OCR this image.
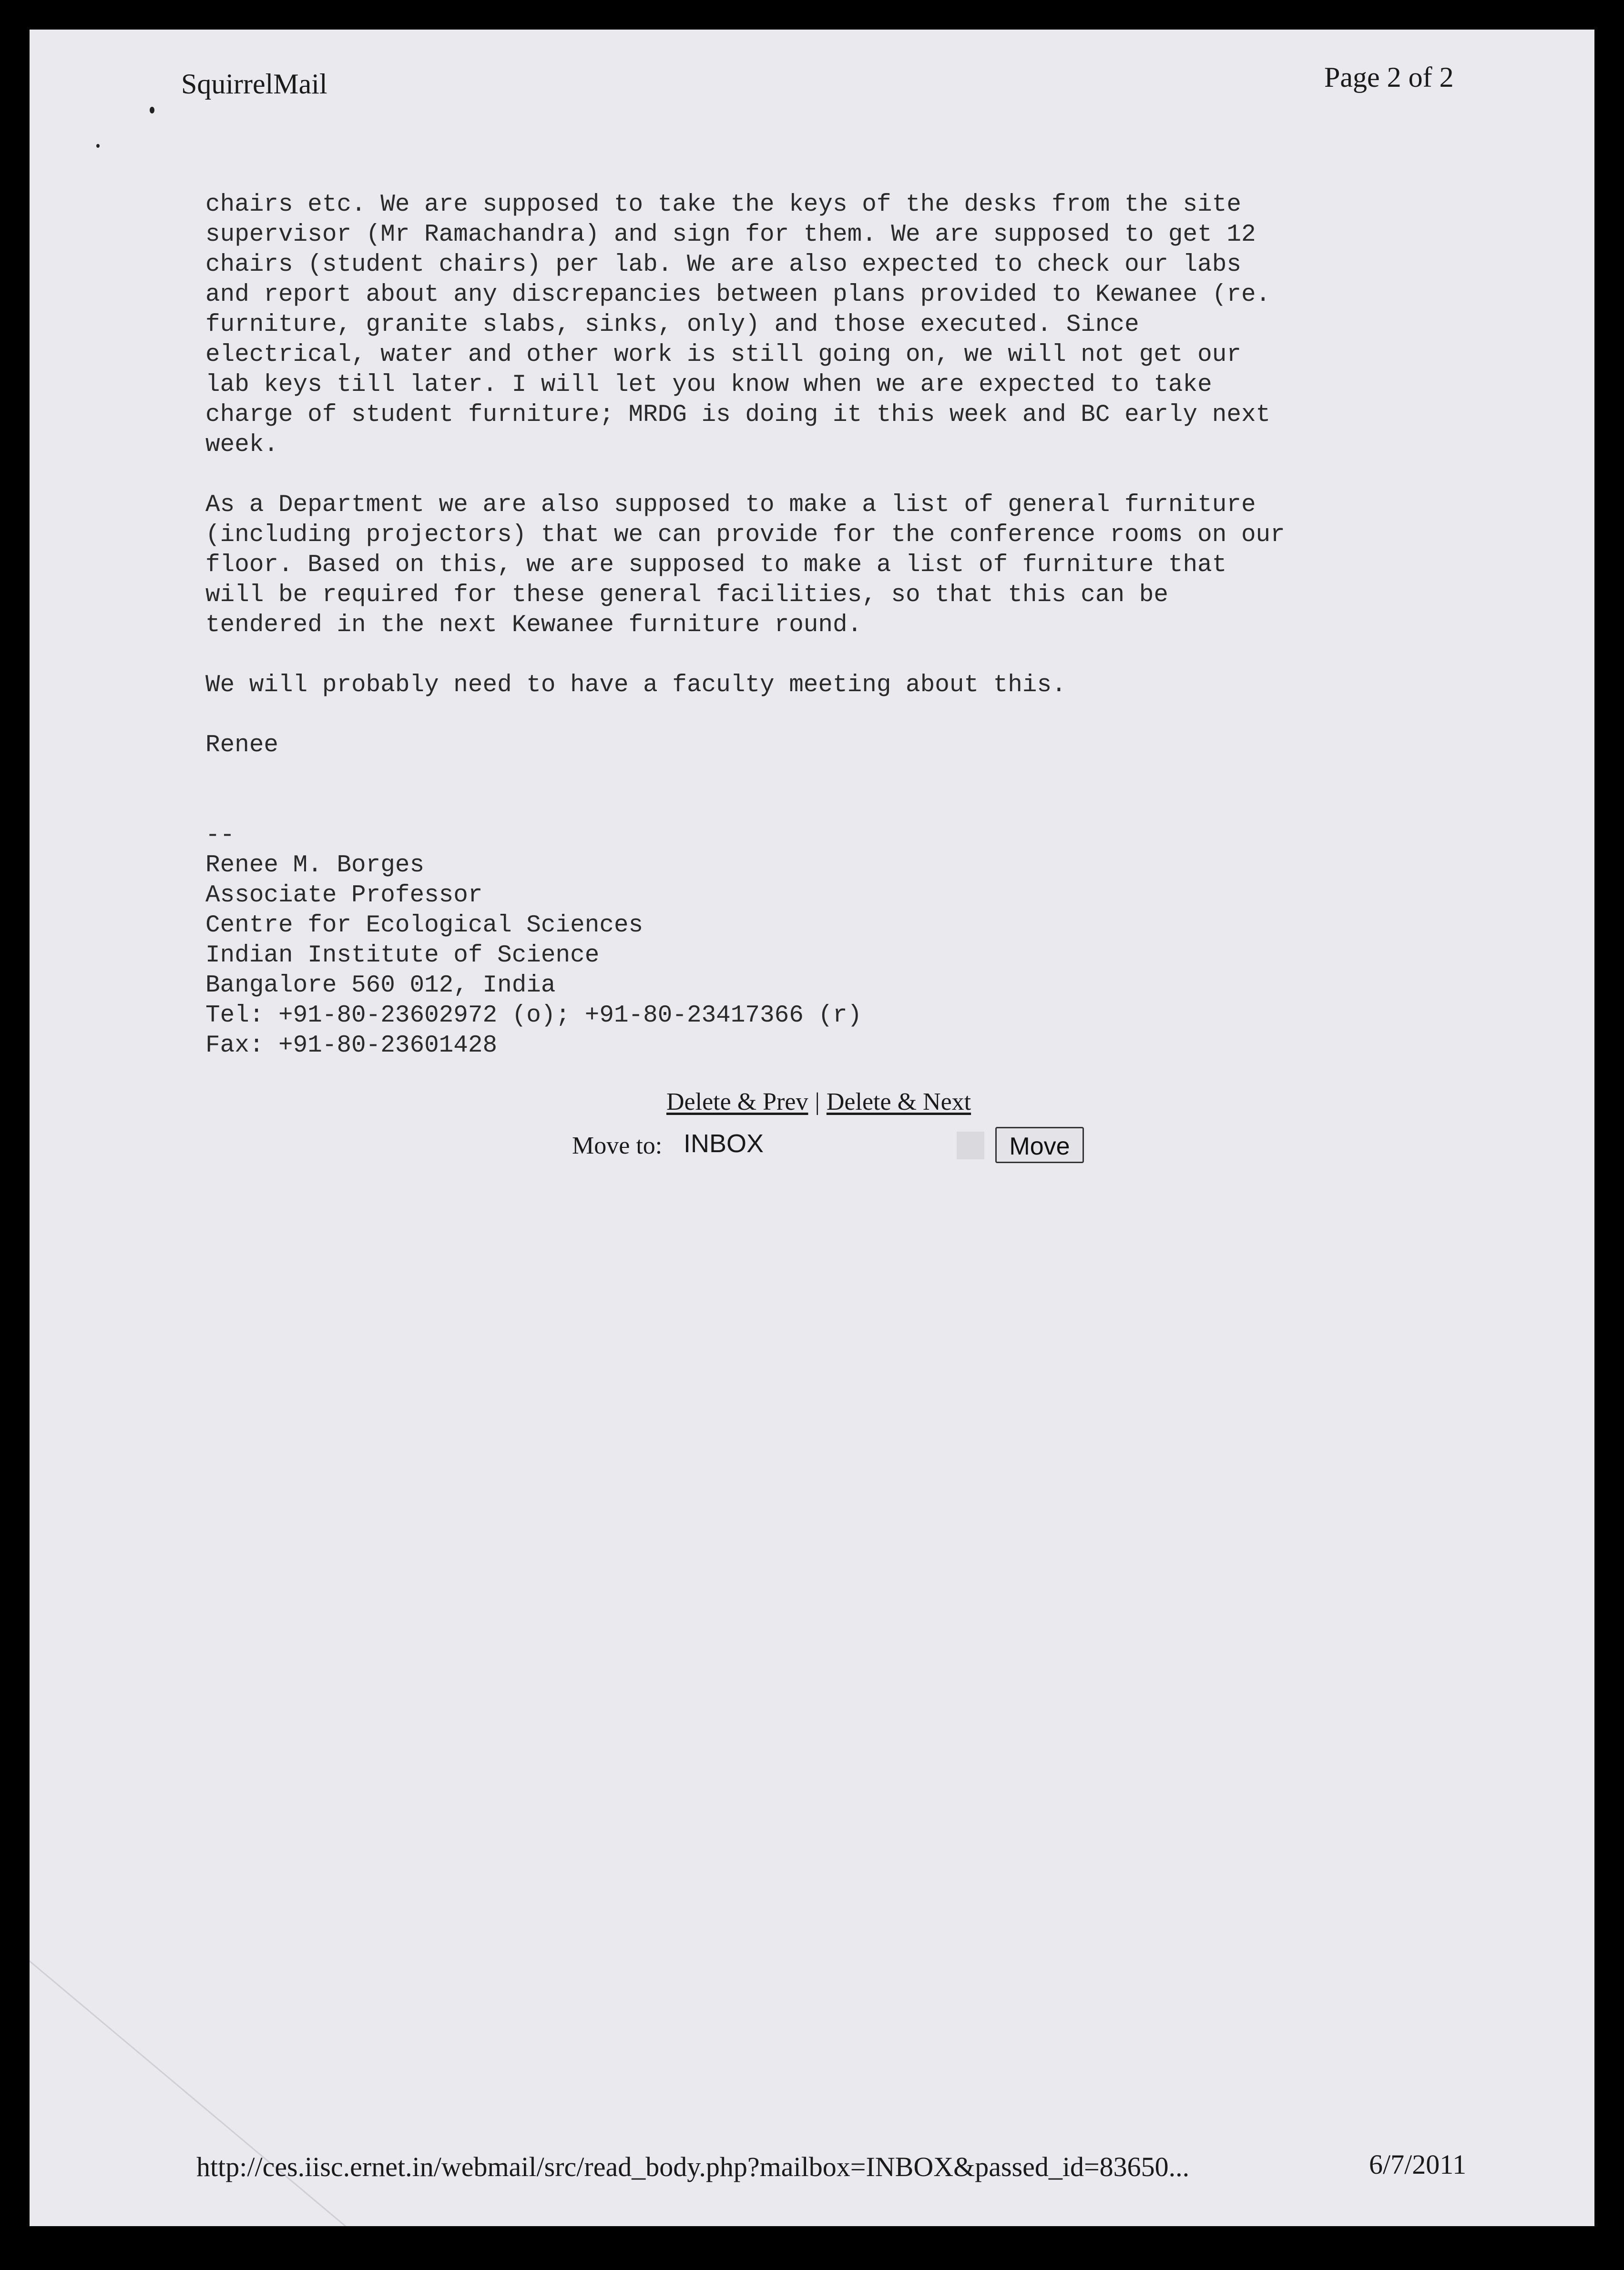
SquirrelMail	Page 2 of 2
chairs etc. We are supposed to take the keys of the desks from the site
supervisor (Mr Ramachandra) and sign for them. We are supposed to get 12
chairs (student chairs) per lab. We are also expected to check our labs
and report about any discrepancies between plans provided to Kewanee (re.
furniture, granite slabs, sinks, only) and those executed. Since
electrical, water and other work is still going on, we will not get our
lab keys till later. I will let you know when we are expected to take
charge of student furniture; MRDG is doing it this week and BC early next
week.
As a Department we are also supposed to make a list of general furniture
(including projectors) that we can provide for the conference rooms on our
floor. Based on this, we are supposed to make a list of furniture that
will be required for these general facilities, so that this can be
tendered in the next Kewanee furniture round.
We will probably need to have a faculty meeting about this.
Renee
--
Renee M. Borges
Associate Professor
Centre for Ecological Sciences
Indian Institute of Science
Bangalore 560 012, India
Tel: +91-80-23602972 (o); +91-80-23417366 (r)
Fax: +91-80-23601428
Delete & Prev | Delete & Next
Move to: INBOX	Move
http://ces.iisc.ernet.in/webmail/src/read_body.php?mailbox=INBOX&passed_id=83650...	6/7/2011
